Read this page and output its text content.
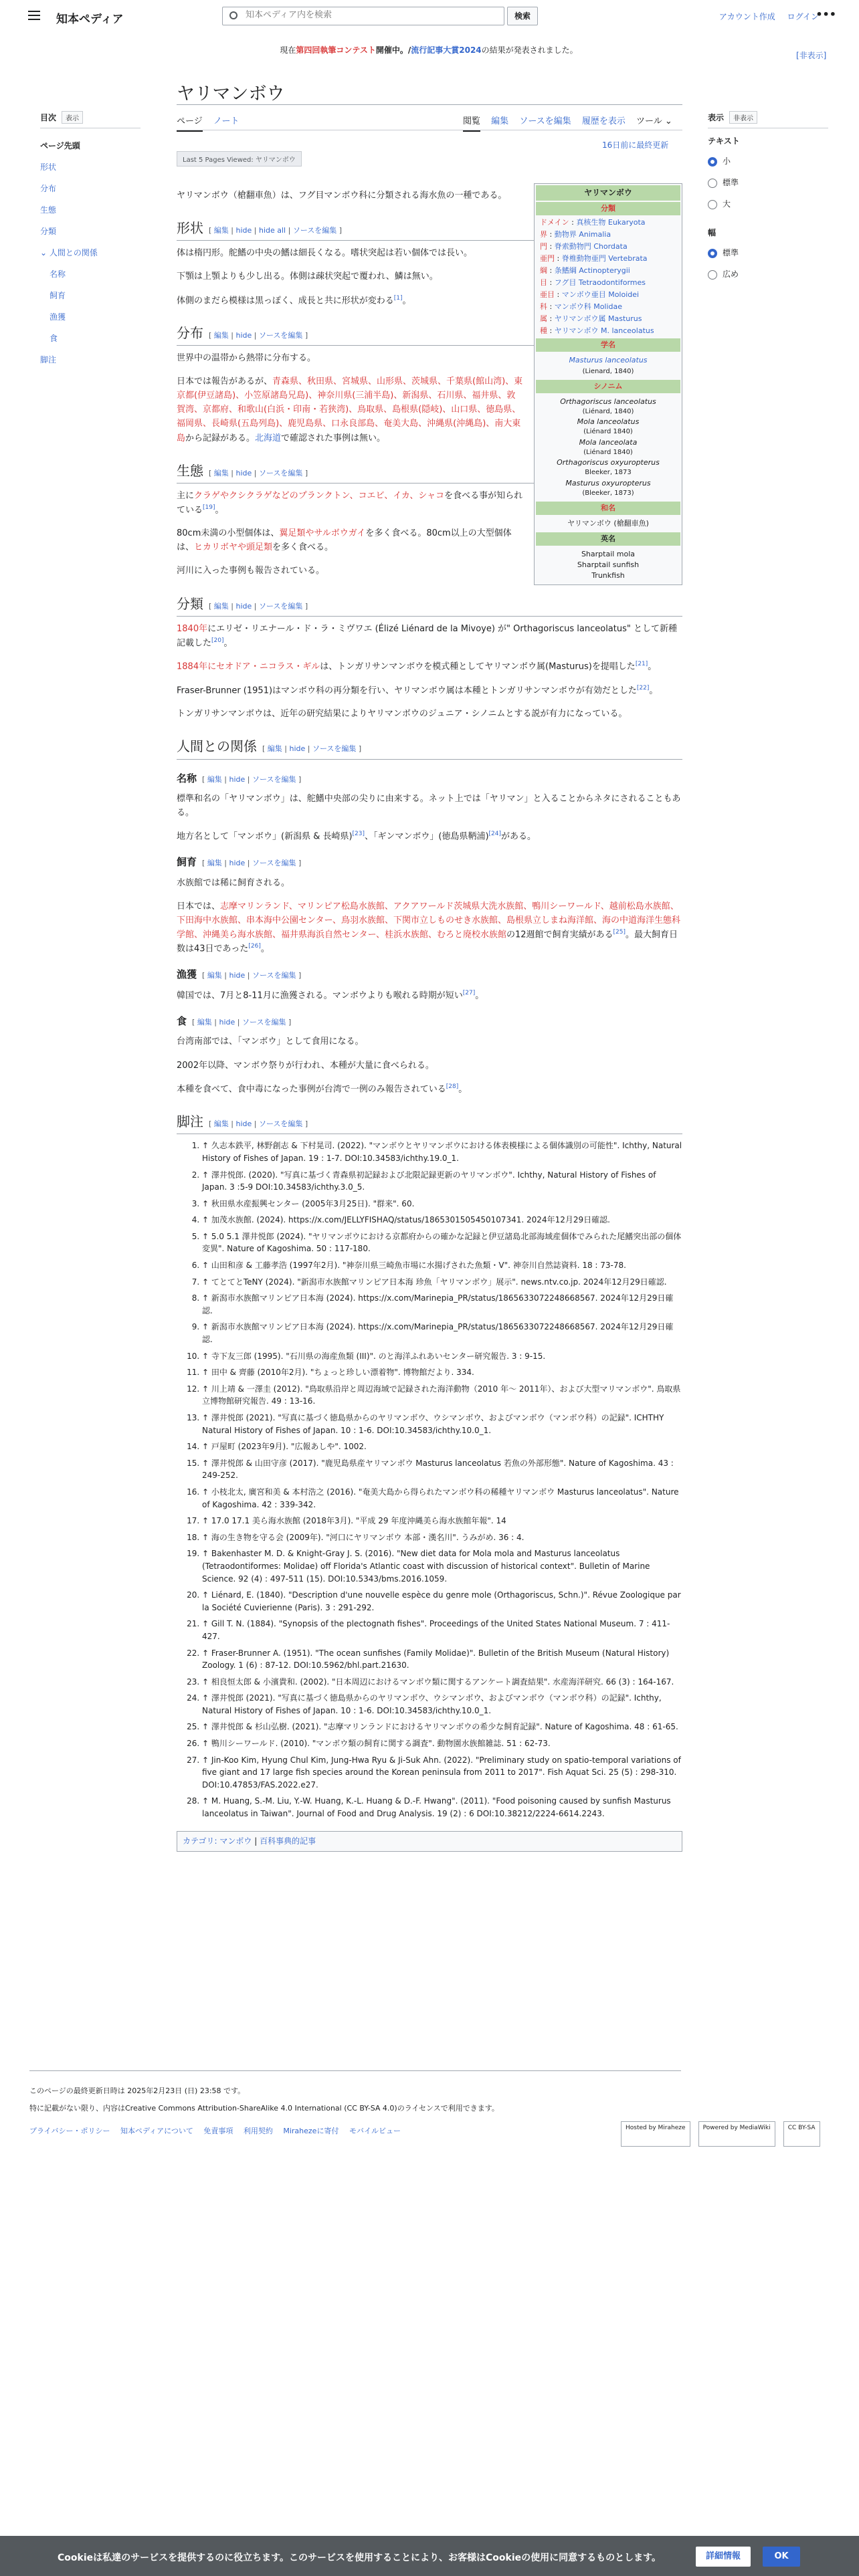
知本ペディア
知本ペディア内を検索	検索	アカウント作成 ログイン
•••
現在第四回執筆コンテスト開催中。/流行記事大賞2024の結果が発表されました。
[非表示]
ヤリマンボウ
ページ ノート	閲覧 編集 ソースを編集 履歴を表示 ツール ⌄
16日前に最終更新
Last 5 Pages Viewed: ヤリマンボウ
目次 表示
ページ先頭
形状
分布
生態
分類
⌄ 人間との関係
名称
飼育
漁獲
食
脚注
表示 非表示
テキスト
小
標準
大
幅
標準
広め
ヤリマンボウ
分類

ドメイン : 真核生物 Eukaryota
界 : 動物界 Animalia
門 : 脊索動物門 Chordata
亜門 : 脊椎動物亜門 Vertebrata
綱 : 条鰭綱 Actinopterygii
目 : フグ目 Tetraodontiformes
亜目 : マンボウ亜目 Moloidei
科 : マンボウ科 Molidae
属 : ヤリマンボウ属 Masturus
種 : ヤリマンボウ M. lanceolatus

学名
Masturus lanceolatus
(Lienard, 1840)
シノニム

Orthagoriscus lanceolatus
(Liénard, 1840)
Mola lanceolatus
(Liénard 1840)
Mola lanceolata
(Liénard 1840)
Orthagoriscus oxyuropterus
Bleeker, 1873
Masturus oxyuropterus
(Bleeker, 1873)

和名
ヤリマンボウ (槍翻車魚)
英名

Sharptail mola
Sharptail sunfish
Trunkfish

ヤリマンボウ（槍翻車魚）は、フグ目マンボウ科に分類される海水魚の一種である。

形状 [ 編集 | hide | hide all | ソースを編集 ]

体は楕円形。舵鰭の中央の鰭は細長くなる。嗜状突起は若い個体では長い。

下顎は上顎よりも少し出る。体側は疎状突起で覆われ、鱗は無い。

体側のまだら模様は黒っぽく、成長と共に形状が変わる[1]。

分布 [ 編集 | hide | ソースを編集 ]

世界中の温帯から熱帯に分布する。

日本では報告があるが、青森県、秋田県、宮城県、山形県、茨城県、千葉県(館山湾)、東京都(伊豆諸島)、小笠原諸島兄島)、神奈川県(三浦半島)、新潟県、石川県、福井県、敦賀湾、京都府、和歌山(白浜・印南・若狭湾)、鳥取県、島根県(隠岐)、山口県、徳島県、福岡県、長崎県(五島列島)、鹿児島県、口永良部島、奄美大島、沖縄県(沖縄島)、南大東島から記録がある。北海道で確認された事例は無い。

生態 [ 編集 | hide | ソースを編集 ]

主にクラゲやクシクラゲなどのプランクトン、コエビ、イカ、シャコを食べる事が知られている[19]。

80cm未満の小型個体は、翼足類やサルボウガイを多く食べる。80cm以上の大型個体は、ヒカリボヤや頭足類を多く食べる。

河川に入った事例も報告されている。

分類 [ 編集 | hide | ソースを編集 ]

1840年にエリゼ・リエナール・ド・ラ・ミヴワエ (Élizé Liénard de la Mivoye) が" Orthagoriscus lanceolatus" として新種記載した[20]。

1884年にセオドア・ニコラス・ギルは、トンガリサンマンボウを模式種としてヤリマンボウ属(Masturus)を提唱した[21]。

Fraser-Brunner (1951)はマンボウ科の再分類を行い、ヤリマンボウ属は本種とトンガリサンマンボウが有効だとした[22]。

トンガリサンマンボウは、近年の研究結果によりヤリマンボウのジュニア・シノニムとする説が有力になっている。

人間との関係 [ 編集 | hide | ソースを編集 ]
名称 [ 編集 | hide | ソースを編集 ]

標準和名の「ヤリマンボウ」は、舵鰭中央部の尖りに由来する。ネット上では「ヤリマン」と入ることからネタにされることもある。

地方名として「マンボウ」(新潟県 & 長崎県)[23]、「ギンマンボウ」(徳島県鞆浦)[24]がある。

飼育 [ 編集 | hide | ソースを編集 ]

水族館では稀に飼育される。

日本では、志摩マリンランド、マリンピア松島水族館、アクアワールド茨城県大洗水族館、鴨川シーワールド、越前松島水族館、下田海中水族館、串本海中公園センター、鳥羽水族館、下関市立しものせき水族館、島根県立しまね海洋館、海の中道海洋生態科学館、沖縄美ら海水族館、福井県海浜自然センター、桂浜水族館、むろと廃校水族館の12週館で飼育実績がある[25]。最大飼育日数は43日であった[26]。

漁獲 [ 編集 | hide | ソースを編集 ]

韓国では、7月と8-11月に漁獲される。マンボウよりも喉れる時期が短い[27]。

食 [ 編集 | hide | ソースを編集 ]

台湾南部では、「マンボウ」として食用になる。

2002年以降、マンボウ祭りが行われ、本種が大量に食べられる。

本種を食べて、食中毒になった事例が台湾で一例のみ報告されている[28]。

脚注 [ 編集 | hide | ソースを編集 ]
1. ↑ 久志本鉄平, 林野創志 & 下村晃司. (2022). "マンボウとヤリマンボウにおける体表模様による個体識別の可能性". Ichthy, Natural History of Fishes of Japan. 19 : 1-7. DOI:10.34583/ichthy.19.0_1.
2. ↑ 澤井悦郎. (2020). "写真に基づく青森県初記録および北限記録更新のヤリマンボウ". Ichthy, Natural History of Fishes of Japan. 3 :5-9 DOI:10.34583/ichthy.3.0_5.
3. ↑ 秋田県水産振興センター (2005年3月25日). "群来". 60.
4. ↑ 加茂水族館. (2024). https://x.com/JELLYFISHAQ/status/1865301505450107341. 2024年12月29日確認.
5. ↑ 5.0 5.1 澤井悦郎 (2024). "ヤリマンボウにおける京都府からの確かな記録と伊豆諸島北部海域産個体でみられた尾鰭突出部の個体変異". Nature of Kagoshima. 50 : 117-180.
6. ↑ 山田和彦 & 工藤孝浩 (1997年2月). "神奈川県三崎魚市場に水揚げされた魚類・V". 神奈川自然誌資料. 18 : 73-78.
7. ↑ てとてとTeNY (2024). "新潟市水族館マリンピア日本海 珍魚「ヤリマンボウ」展示". news.ntv.co.jp. 2024年12月29日確認.
8. ↑ 新潟市水族館マリンピア日本海 (2024). https://x.com/Marinepia_PR/status/1865633072248668567. 2024年12月29日確認.
9. ↑ 新潟市水族館マリンピア日本海 (2024). https://x.com/Marinepia_PR/status/1865633072248668567. 2024年12月29日確認.
10. ↑ 寺下友三郎 (1995). "石川県の海産魚類 (III)". のと海洋ふれあいセンター研究報告. 3 : 9-15.
11. ↑ 田中 & 齊藤 (2010年2月). "ちょっと珍しい漂着物". 博物館だより. 334.
12. ↑ 川上靖 & 一澤圭 (2012). "鳥取県沿岸と周辺海域で記録された海洋動物（2010 年〜 2011年）、および大型マリマンボウ". 鳥取県立博物館研究報告. 49 : 13-16.
13. ↑ 澤井悦郎 (2021). "写真に基づく徳島県からのヤリマンボウ、ウシマンボウ、およびマンボウ（マンボウ科）の記録". ICHTHY Natural History of Fishes of Japan. 10 : 1-6. DOI:10.34583/ichthy.10.0_1.
14. ↑ 戸屋町 (2023年9月). "広報あしや". 1002.
15. ↑ 澤井悦郎 & 山田守彦 (2017). "鹿児島県産ヤリマンボウ Masturus lanceolatus 若魚の外部形態". Nature of Kagoshima. 43 : 249-252.
16. ↑ 小枝北太, 廣宮和美 & 本村浩之 (2016). "奄美大島から得られたマンボウ科の稀種ヤリマンボウ Masturus lanceolatus". Nature of Kagoshima. 42 : 339-342.
17. ↑ 17.0 17.1 美ら海水族館 (2018年3月). "平成 29 年度沖縄美ら海水族館年報". 14
18. ↑ 海の生き物を守る会 (2009年). "河口にヤリマンボウ 本部・漢名川". うみがめ. 36 : 4.
19. ↑ Bakenhaster M. D. & Knight-Gray J. S. (2016). "New diet data for Mola mola and Masturus lanceolatus (Tetraodontiformes: Molidae) off Florida's Atlantic coast with discussion of historical context". Bulletin of Marine Science. 92 (4) : 497-511 (15). DOI:10.5343/bms.2016.1059.
20. ↑ Liénard, E. (1840). "Description d'une nouvelle espèce du genre mole (Orthagoriscus, Schn.)". Révue Zoologique par la Société Cuvierienne (Paris). 3 : 291-292.
21. ↑ Gill T. N. (1884). "Synopsis of the plectognath fishes". Proceedings of the United States National Museum. 7 : 411-427.
22. ↑ Fraser-Brunner A. (1951). "The ocean sunfishes (Family Molidae)". Bulletin of the British Museum (Natural History) Zoology. 1 (6) : 87-12. DOI:10.5962/bhl.part.21630.
23. ↑ 相良恒太郎 & 小濱貴和. (2002). "日本周辺におけるマンボウ類に関するアンケート調査結果". 水産海洋研究. 66 (3) : 164-167.
24. ↑ 澤井悦郎 (2021). "写真に基づく徳島県からのヤリマンボウ、ウシマンボウ、およびマンボウ（マンボウ科）の記録". Ichthy, Natural History of Fishes of Japan. 10 : 1-6. DOI:10.34583/ichthy.10.0_1.
25. ↑ 澤井悦郎 & 杉山弘樹. (2021). "志摩マリンランドにおけるヤリマンボウの希少な飼育記録". Nature of Kagoshima. 48 : 61-65.
26. ↑ 鴨川シーワールド. (2010). "マンボウ類の飼育に関する調査". 動物園水族館雑誌. 51 : 62-73.
27. ↑ Jin-Koo Kim, Hyung Chul Kim, Jung-Hwa Ryu & Ji-Suk Ahn. (2022). "Preliminary study on spatio-temporal variations of five giant and 17 large fish species around the Korean peninsula from 2011 to 2017". Fish Aquat Sci. 25 (5) : 298-310. DOI:10.47853/FAS.2022.e27.
28. ↑ M. Huang, S.-M. Liu, Y.-W. Huang, K.-L. Huang & D.-F. Hwang". (2011). "Food poisoning caused by sunfish Masturus lanceolatus in Taiwan". Journal of Food and Drug Analysis. 19 (2) : 6 DOI:10.38212/2224-6614.2243.
カテゴリ: マンボウ | 百科事典的記事
このページの最終更新日時は 2025年2月23日 (日) 23:58 です。
特に記載がない限り、内容はCreative Commons Attribution-ShareAlike 4.0 International (CC BY-SA 4.0)のライセンスで利用できます。
プライバシー・ポリシー 知本ペディアについて 免責事項 利用契約 Mirahezeに寄付 モバイルビュー	Hosted by Miraheze	Powered by MediaWiki	CC BY-SA
Cookieは私達のサービスを提供するのに役立ちます。このサービスを使用することにより、お客様はCookieの使用に同意するものとします。	詳細情報	OK
